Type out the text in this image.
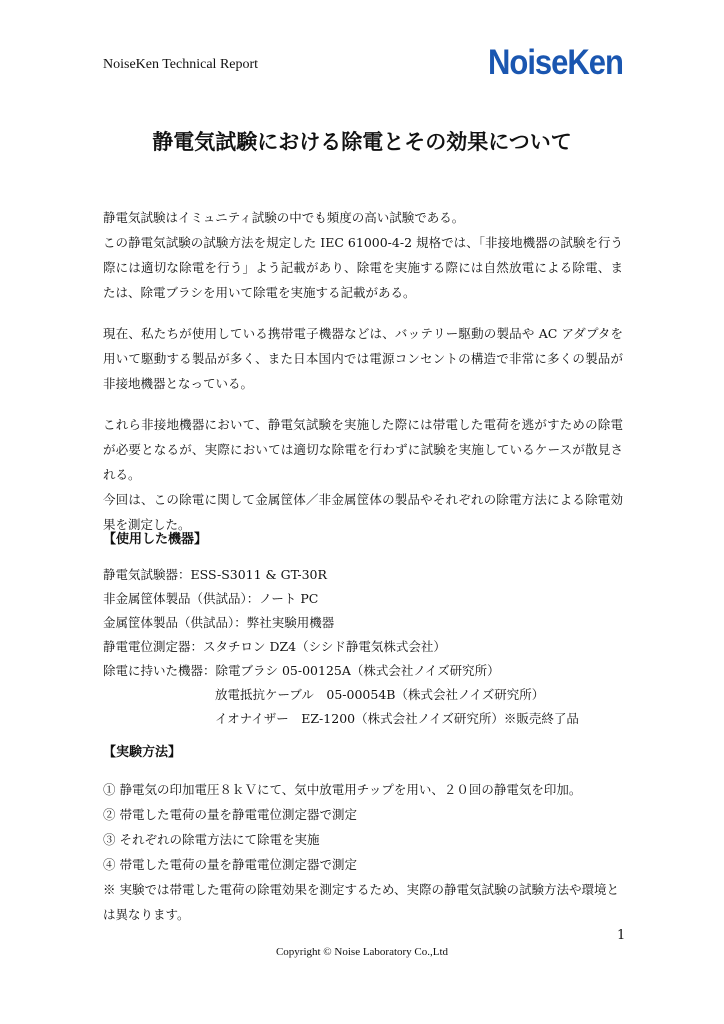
NoiseKen Technical Report	NoiseKen
静電気試験における除電とその効果について

静電気試験はイミュニティ試験の中でも頻度の高い試験である。

この静電気試験の試験方法を規定した IEC 61000-4-2 規格では、「非接地機器の試験を行う際には適切な除電を行う」よう記載があり、除電を実施する際には自然放電による除電、または、除電ブラシを用いて除電を実施する記載がある。

現在、私たちが使用している携帯電子機器などは、バッテリー駆動の製品や AC アダプタを用いて駆動する製品が多く、また日本国内では電源コンセントの構造で非常に多くの製品が非接地機器となっている。

これら非接地機器において、静電気試験を実施した際には帯電した電荷を逃がすための除電が必要となるが、実際においては適切な除電を行わずに試験を実施しているケースが散見される。

今回は、この除電に関して金属筐体／非金属筐体の製品やそれぞれの除電方法による除電効果を測定した。

【使用した機器】
静電気試験器：ESS-S3011 & GT-30R
非金属筐体製品（供試品）：ノート PC
金属筐体製品（供試品）：弊社実験用機器
静電電位測定器：スタチロン DZ4（シシド静電気株式会社）
除電に持いた機器：除電ブラシ 05-00125A（株式会社ノイズ研究所）
放電抵抗ケーブル　05-00054B（株式会社ノイズ研究所）
イオナイザー　EZ-1200（株式会社ノイズ研究所）※販売終了品
【実験方法】
① 静電気の印加電圧８ｋＶにて、気中放電用チップを用い、２０回の静電気を印加。
② 帯電した電荷の量を静電電位測定器で測定
③ それぞれの除電方法にて除電を実施
④ 帯電した電荷の量を静電電位測定器で測定
※ 実験では帯電した電荷の除電効果を測定するため、実際の静電気試験の試験方法や環境とは異なります。
1
Copyright © Noise Laboratory Co.,Ltd
